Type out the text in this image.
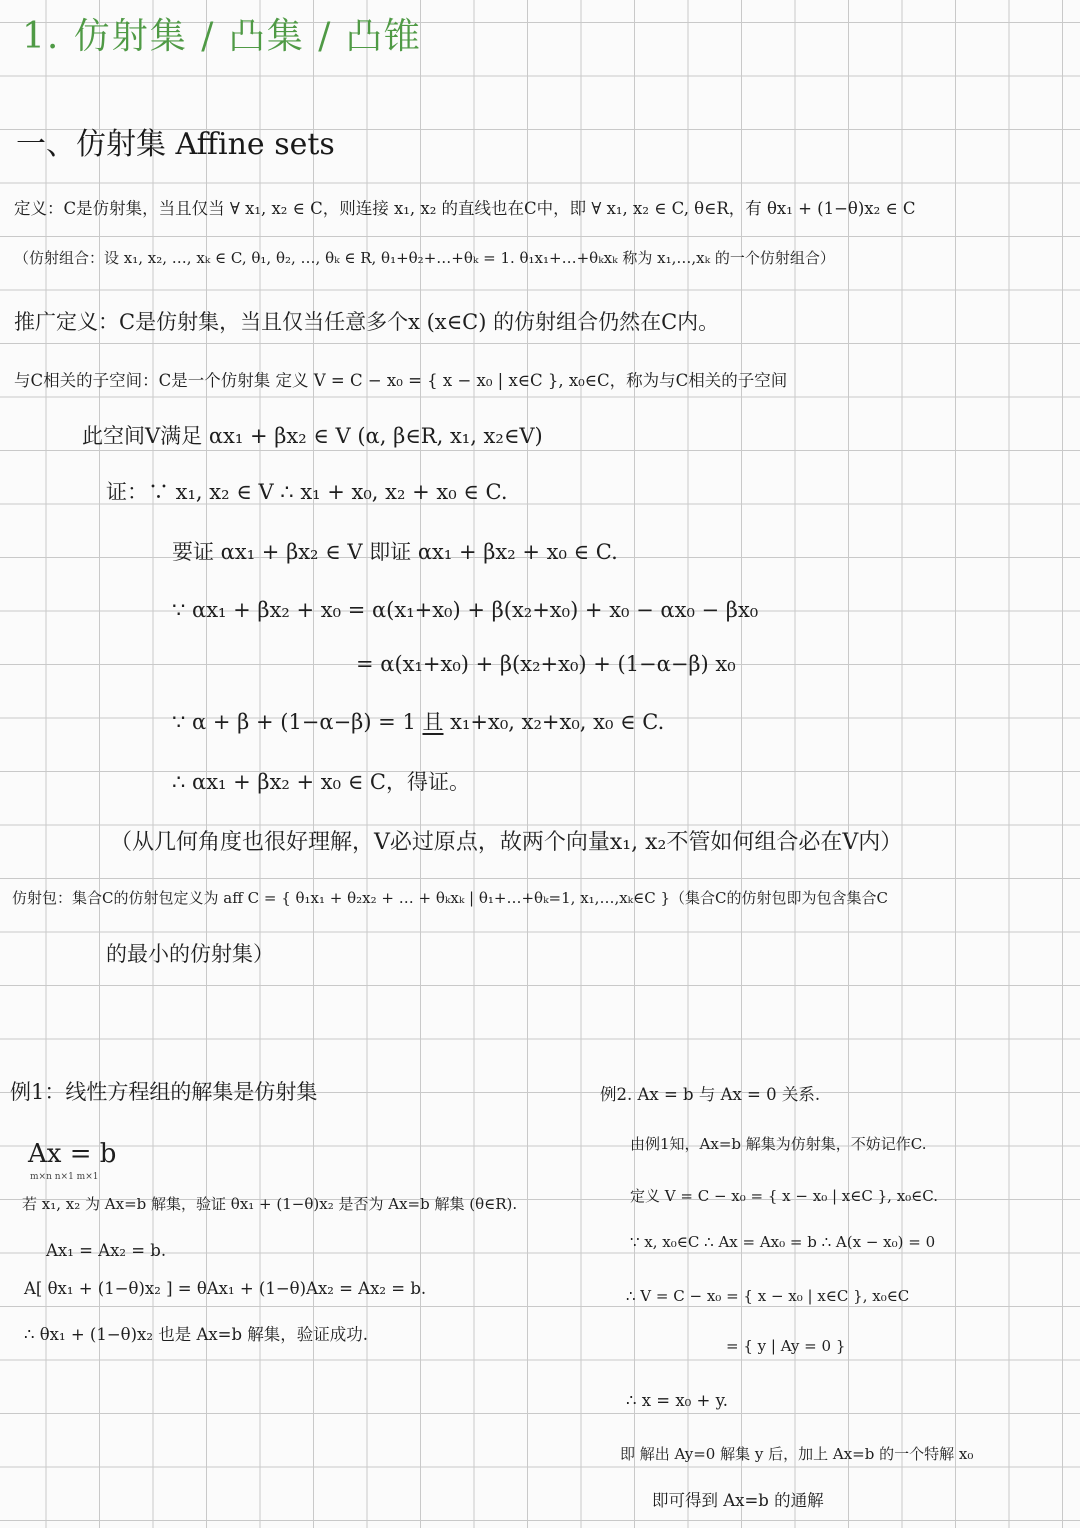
1. 仿射集 / 凸集 / 凸锥
一、仿射集 Affine sets
定义：C是仿射集，当且仅当 ∀ x₁, x₂ ∈ C，则连接 x₁, x₂ 的直线也在C中，即 ∀ x₁, x₂ ∈ C, θ∈R，有 θx₁ + (1−θ)x₂ ∈ C
（仿射组合：设 x₁, x₂, …, xₖ ∈ C, θ₁, θ₂, …, θₖ ∈ R, θ₁+θ₂+…+θₖ = 1. θ₁x₁+…+θₖxₖ 称为 x₁,…,xₖ 的一个仿射组合）
推广定义：C是仿射集，当且仅当任意多个x (x∈C) 的仿射组合仍然在C内。
与C相关的子空间：C是一个仿射集 定义 V = C − x₀ = { x − x₀ | x∈C }, x₀∈C，称为与C相关的子空间
此空间V满足 αx₁ + βx₂ ∈ V (α, β∈R, x₁, x₂∈V)
证：∵ x₁, x₂ ∈ V ∴ x₁ + x₀, x₂ + x₀ ∈ C.
要证 αx₁ + βx₂ ∈ V 即证 αx₁ + βx₂ + x₀ ∈ C.
∵ αx₁ + βx₂ + x₀ = α(x₁+x₀) + β(x₂+x₀) + x₀ − αx₀ − βx₀
= α(x₁+x₀) + β(x₂+x₀) + (1−α−β) x₀
∵ α + β + (1−α−β) = 1 且 x₁+x₀, x₂+x₀, x₀ ∈ C.
∴ αx₁ + βx₂ + x₀ ∈ C，得证。
（从几何角度也很好理解，V必过原点，故两个向量x₁, x₂不管如何组合必在V内）
仿射包：集合C的仿射包定义为 aff C = { θ₁x₁ + θ₂x₂ + … + θₖxₖ | θ₁+…+θₖ=1, x₁,…,xₖ∈C }（集合C的仿射包即为包含集合C
的最小的仿射集）
例1：线性方程组的解集是仿射集
Ax = b
m×n n×1 m×1
若 x₁, x₂ 为 Ax=b 解集，验证 θx₁ + (1−θ)x₂ 是否为 Ax=b 解集 (θ∈R).
Ax₁ = Ax₂ = b.
A[ θx₁ + (1−θ)x₂ ] = θAx₁ + (1−θ)Ax₂ = Ax₂ = b.
∴ θx₁ + (1−θ)x₂ 也是 Ax=b 解集，验证成功.
例2. Ax = b 与 Ax = 0 关系.
由例1知，Ax=b 解集为仿射集，不妨记作C.
定义 V = C − x₀ = { x − x₀ | x∈C }, x₀∈C.
∵ x, x₀∈C ∴ Ax = Ax₀ = b ∴ A(x − x₀) = 0
∴ V = C − x₀ = { x − x₀ | x∈C }, x₀∈C
= { y | Ay = 0 }
∴ x = x₀ + y.
即 解出 Ay=0 解集 y 后，加上 Ax=b 的一个特解 x₀
即可得到 Ax=b 的通解
